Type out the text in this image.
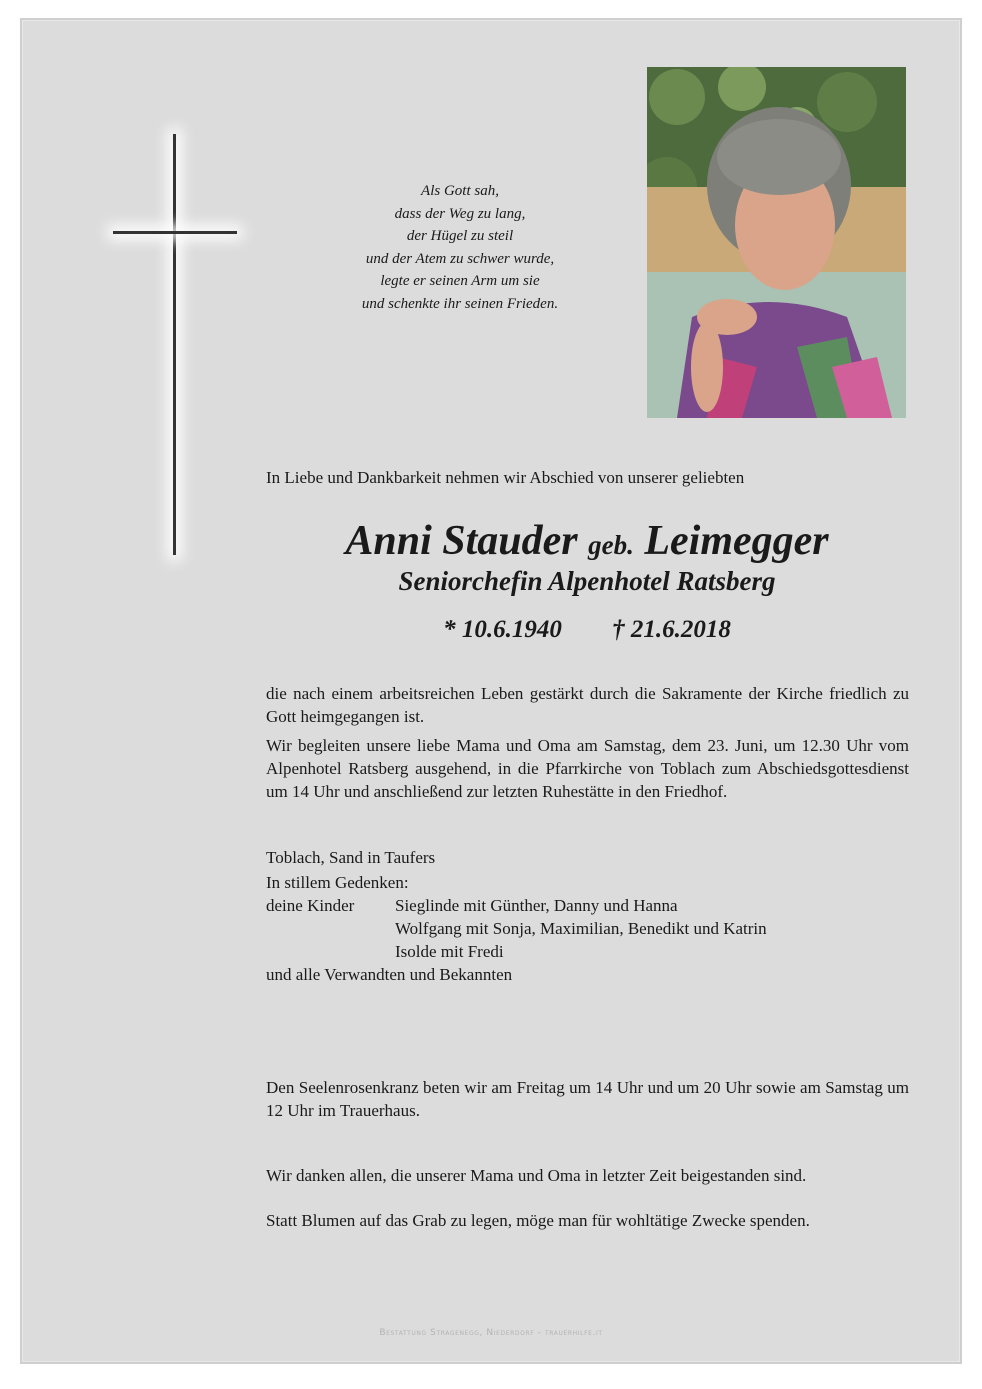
Als Gott sah,
dass der Weg zu lang,
der Hügel zu steil
und der Atem zu schwer wurde,
legte er seinen Arm um sie
und schenkte ihr seinen Frieden.
In Liebe und Dankbarkeit nehmen wir Abschied von unserer geliebten
Anni Stauder geb. Leimegger
Seniorchefin Alpenhotel Ratsberg
* 10.6.1940 † 21.6.2018
die nach einem arbeitsreichen Leben gestärkt durch die Sakramente der Kirche friedlich zu Gott heimgegangen ist.
Wir begleiten unsere liebe Mama und Oma am Samstag, dem 23. Juni, um 12.30 Uhr vom Alpenhotel Ratsberg ausgehend, in die Pfarrkirche von Toblach zum Abschiedsgottesdienst um 14 Uhr und anschließend zur letzten Ruhestätte in den Friedhof.
Toblach, Sand in Taufers
In stillem Gedenken:
deine Kinder	Sieglinde mit Günther, Danny und Hanna
Wolfgang mit Sonja, Maximilian, Benedikt und Katrin
Isolde mit Fredi
und alle Verwandten und Bekannten
Den Seelenrosenkranz beten wir am Freitag um 14 Uhr und um 20 Uhr sowie am Samstag um 12 Uhr im Trauerhaus.
Wir danken allen, die unserer Mama und Oma in letzter Zeit beigestanden sind.
Statt Blumen auf das Grab zu legen, möge man für wohltätige Zwecke spenden.
Bestattung Stragenegg, Niederdorf - trauerhilfe.it
